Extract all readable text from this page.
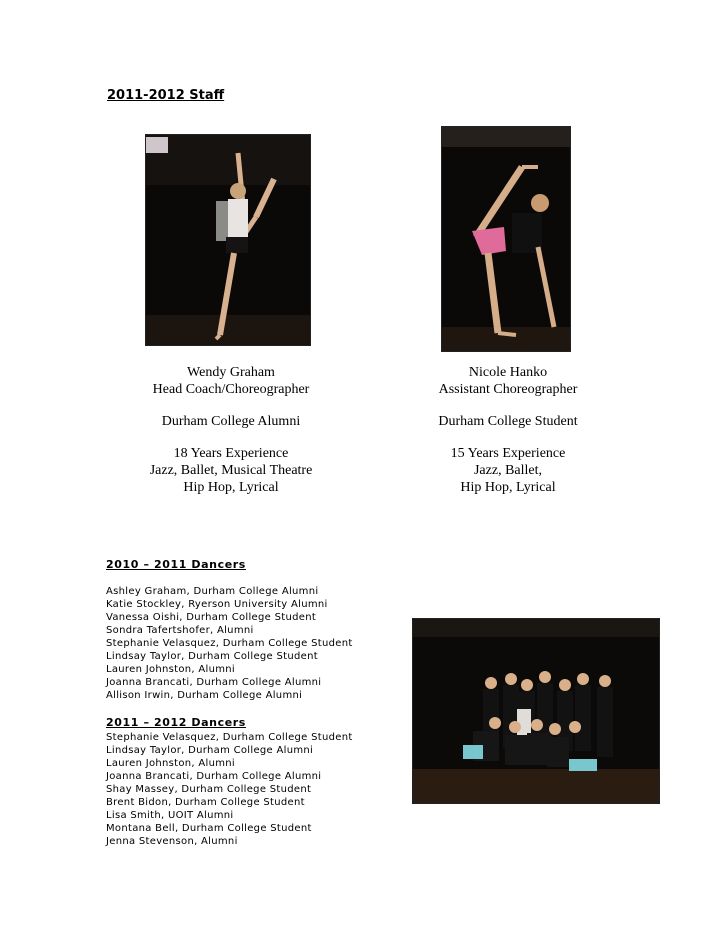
2011-2012 Staff
Wendy Graham
Head Coach/Choreographer
Durham College Alumni
18 Years Experience
Jazz, Ballet, Musical Theatre
Hip Hop, Lyrical
Nicole Hanko
Assistant Choreographer
Durham College Student
15 Years Experience
Jazz, Ballet,
Hip Hop, Lyrical
2010 – 2011 Dancers
Ashley Graham, Durham College Alumni
Katie Stockley, Ryerson University Alumni
Vanessa Oishi, Durham College Student
Sondra Tafertshofer, Alumni
Stephanie Velasquez, Durham College Student
Lindsay Taylor, Durham College Student
Lauren Johnston, Alumni
Joanna Brancati, Durham College Alumni
Allison Irwin, Durham College Alumni
2011 – 2012 Dancers
Stephanie Velasquez, Durham College Student
Lindsay Taylor, Durham College Alumni
Lauren Johnston, Alumni
Joanna Brancati, Durham College Alumni
Shay Massey, Durham College Student
Brent Bidon, Durham College Student
Lisa Smith, UOIT Alumni
Montana Bell, Durham College Student
Jenna Stevenson, Alumni
